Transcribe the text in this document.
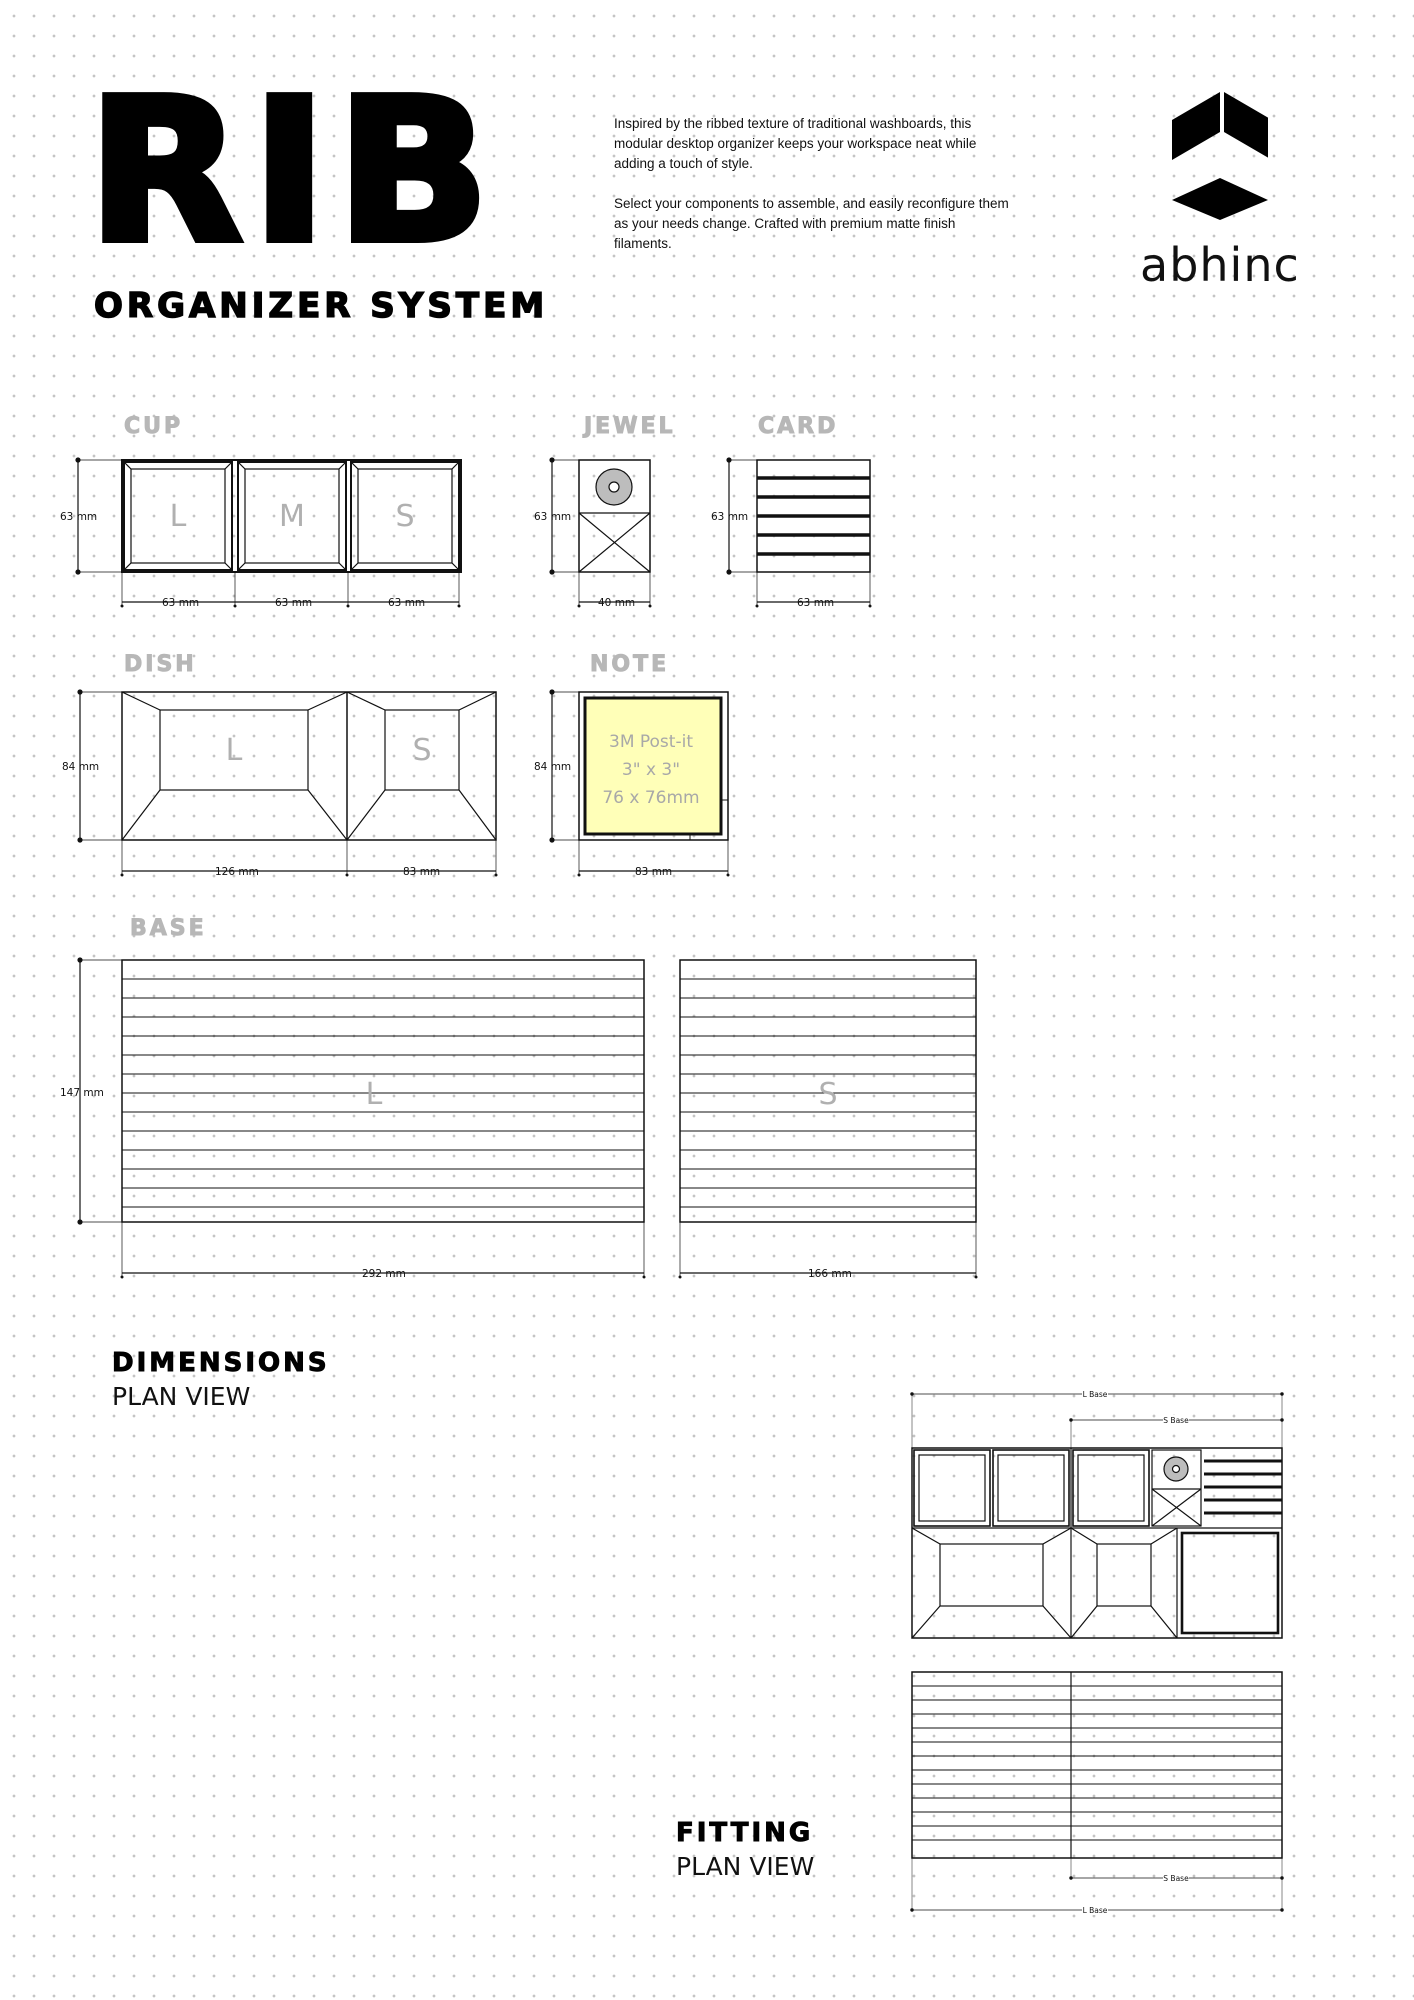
RIB
ORGANIZER SYSTEM

Inspired by the ribbed texture of traditional washboards, this modular desktop organizer keeps your workspace neat while adding a touch of style.

Select your components to assemble, and easily reconfigure them as your needs change. Crafted with premium matte finish filaments.	abhinc

CUP	JEWEL	CARD

DISH	NOTE

BASE

63 mm
63 mm	63 mm	63 mm
63 mm
40 mm
63 mm
63 mm
84 mm
126 mm	83 mm
84 mm
83 mm
147 mm
292 mm	166 mm
L	M	S
L	S
L	S
3M Post-it
3" x 3"
76 x 76mm
L Base
S Base
S Base
L Base

DIMENSIONS

PLAN VIEW

FITTING

PLAN VIEW
